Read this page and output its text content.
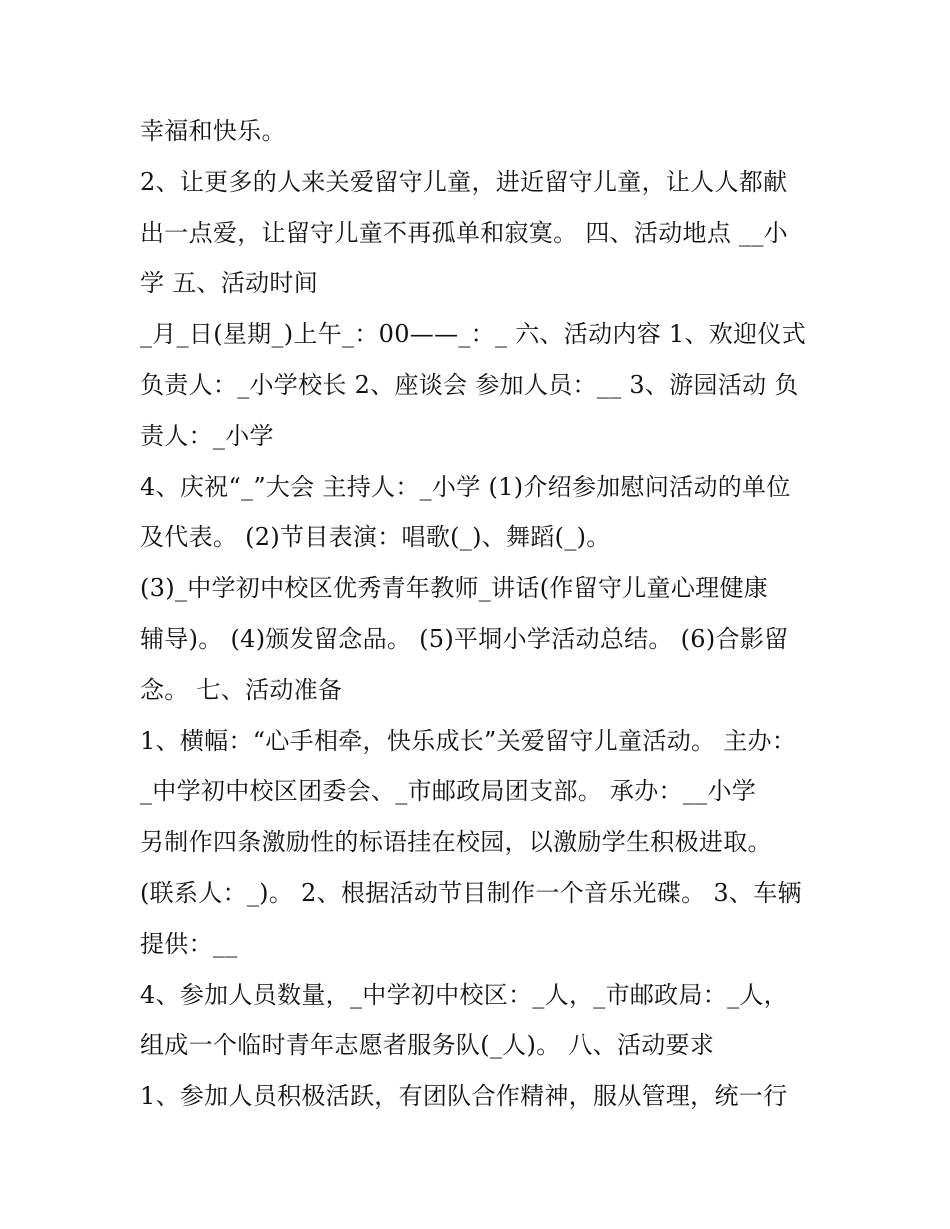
幸福和快乐。
2、让更多的人来关爱留守儿童，进近留守儿童，让人人都献
出一点爱，让留守儿童不再孤单和寂寞。 四、活动地点 __小
学 五、活动时间
_月_日(星期_)上午_：00——_：_ 六、活动内容 1、欢迎仪式
负责人：_小学校长 2、座谈会 参加人员：__ 3、游园活动 负
责人：_小学
4、庆祝“_”大会 主持人：_小学 (1)介绍参加慰问活动的单位
及代表。 (2)节目表演：唱歌(_)、舞蹈(_)。
(3)_中学初中校区优秀青年教师_讲话(作留守儿童心理健康
辅导)。 (4)颁发留念品。 (5)平垌小学活动总结。 (6)合影留
念。 七、活动准备
1、横幅：“心手相牵，快乐成长”关爱留守儿童活动。 主办：
_中学初中校区团委会、_市邮政局团支部。 承办：__小学
另制作四条激励性的标语挂在校园，以激励学生积极进取。
(联系人：_)。 2、根据活动节目制作一个音乐光碟。 3、车辆
提供：__
4、参加人员数量，_中学初中校区：_人，_市邮政局：_人，
组成一个临时青年志愿者服务队(_人)。 八、活动要求
1、参加人员积极活跃，有团队合作精神，服从管理，统一行
